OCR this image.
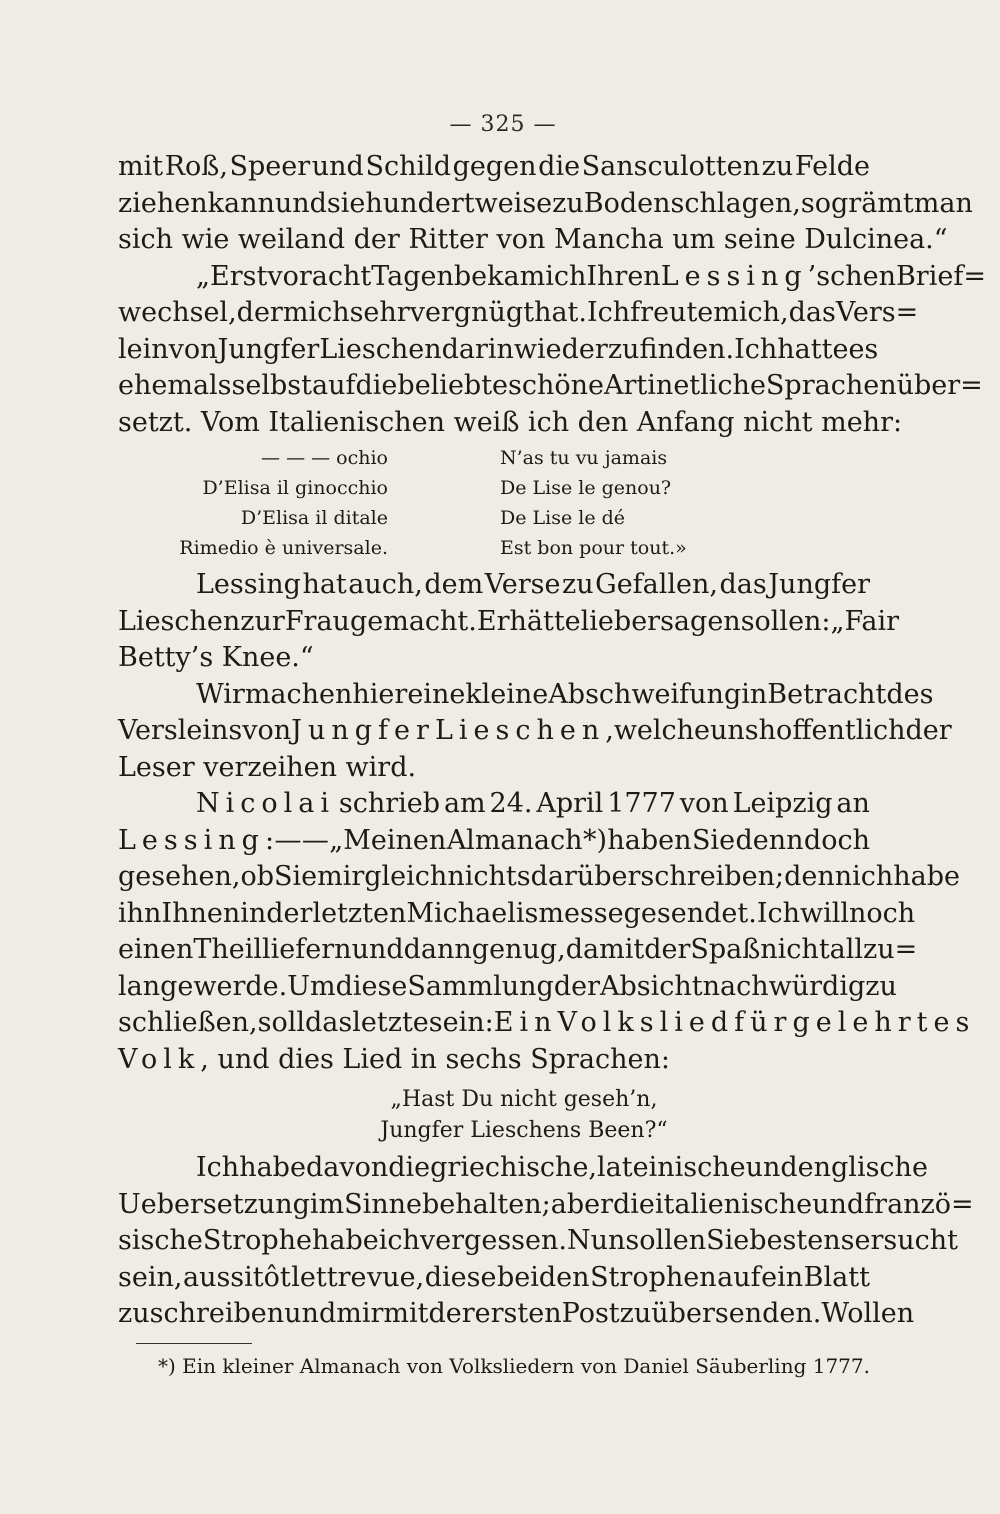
— 325 —
mit Roß, Speer und Schild gegen die Sansculotten zu Felde
ziehen kann und sie hundertweise zu Boden schlagen, so grämt man
sich wie weiland der Ritter von Mancha um seine Dulcinea.“
„Erst vor acht Tagen bekam ich Ihren Lessing’schen Brief=
wechsel, der mich sehr vergnügt hat. Ich freute mich, das Vers=
lein von Jungfer Lieschen darin wieder zu finden. Ich hatte es
ehemals selbst auf die beliebte schöne Art in etliche Sprachen über=
setzt. Vom Italienischen weiß ich den Anfang nicht mehr:
— — — ochio
D’Elisa il ginocchio
D’Elisa il ditale
Rimedio è universale.
N’as tu vu jamais
De Lise le genou?
De Lise le dé
Est bon pour tout.»
Lessing hat auch, dem Verse zu Gefallen, das Jungfer
Lieschen zur Frau gemacht. Er hätte lieber sagen sollen: „Fair
Betty’s Knee.“
Wir machen hier eine kleine Abschweifung in Betracht des
Versleins von Jungfer Lieschen, welche uns hoffentlich der
Leser verzeihen wird.
Nicolai schrieb am 24. April 1777 von Leipzig an
Lessing: — — „Meinen Almanach *) haben Sie denn doch
gesehen, ob Sie mir gleich nichts darüber schreiben; denn ich habe
ihn Ihnen in der letzten Michaelismesse gesendet. Ich will noch
einen Theil liefern und dann genug, damit der Spaß nicht allzu=
lange werde. Um diese Sammlung der Absicht nach würdig zu
schließen, soll das letzte sein: Ein Volkslied für gelehrtes
Volk , und dies Lied in sechs Sprachen:
„Hast Du nicht geseh’n,
Jungfer Lieschens Been?“
Ich habe davon die griechische, lateinische und englische
Uebersetzung im Sinne behalten; aber die italienische und franzö=
sische Strophe habe ich vergessen. Nun sollen Sie bestens ersucht
sein, aussitôt lettre vue, diese beiden Strophen auf ein Blatt
zu schreiben und mir mit der ersten Post zu übersenden. Wollen
*) Ein kleiner Almanach von Volksliedern von Daniel Säuberling 1777.
